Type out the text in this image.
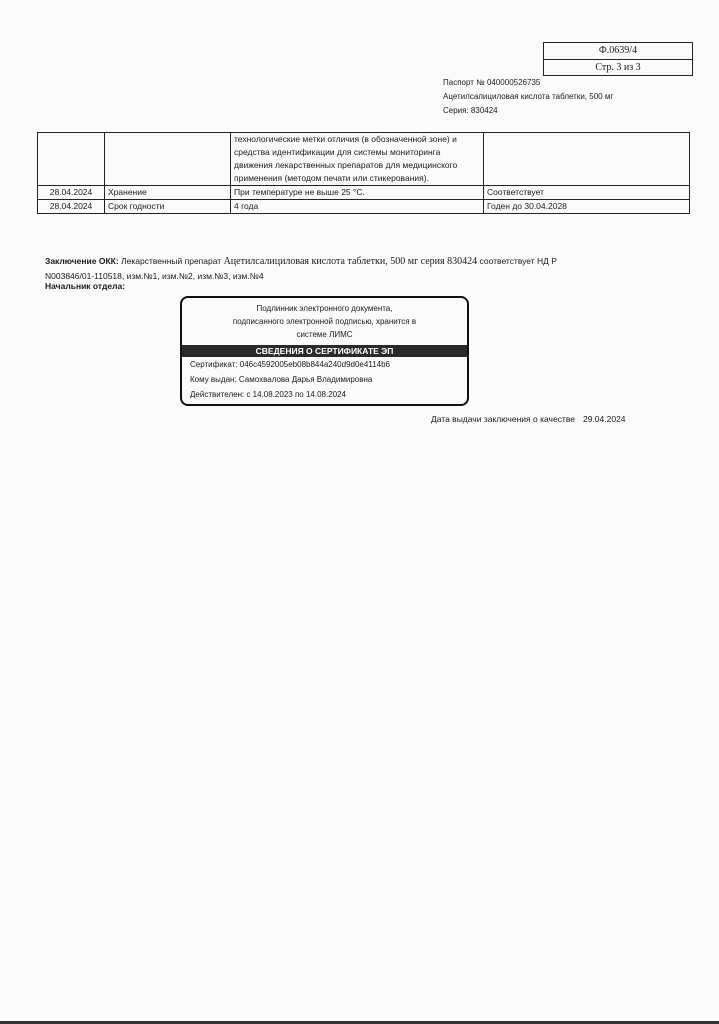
Ф.0639/4
Стр. 3 из 3
Паспорт № 040000526735
Ацетилсалициловая кислота таблетки, 500 мг
Серия: 830424
		технологические метки отличия (в обозначенной зоне) и средства идентификации для системы мониторинга движения лекарственных препаратов для медицинского применения (методом печати или стикерования).	
28.04.2024	Хранение	При температуре не выше 25 °С.	Соответствует
28.04.2024	Срок годности	4 года	Годен до 30.04.2028
Заключение ОКК: Лекарственный препарат Ацетилсалициловая кислота таблетки, 500 мг серия 830424 соответствует НД Р N003846/01-110518, изм.№1, изм.№2, изм.№3, изм.№4
Начальник отдела:
Подлинник электронного документа,
подписанного электронной подписью, хранится в
системе ЛИМС
СВЕДЕНИЯ О СЕРТИФИКАТЕ ЭП
Сертификат: 046c4592005eb08b844a240d9d0e4114b6
Кому выдан: Самохвалова Дарья Владимировна
Действителен: с 14.08.2023 по 14.08.2024
Дата выдачи заключения о качестве 29.04.2024
